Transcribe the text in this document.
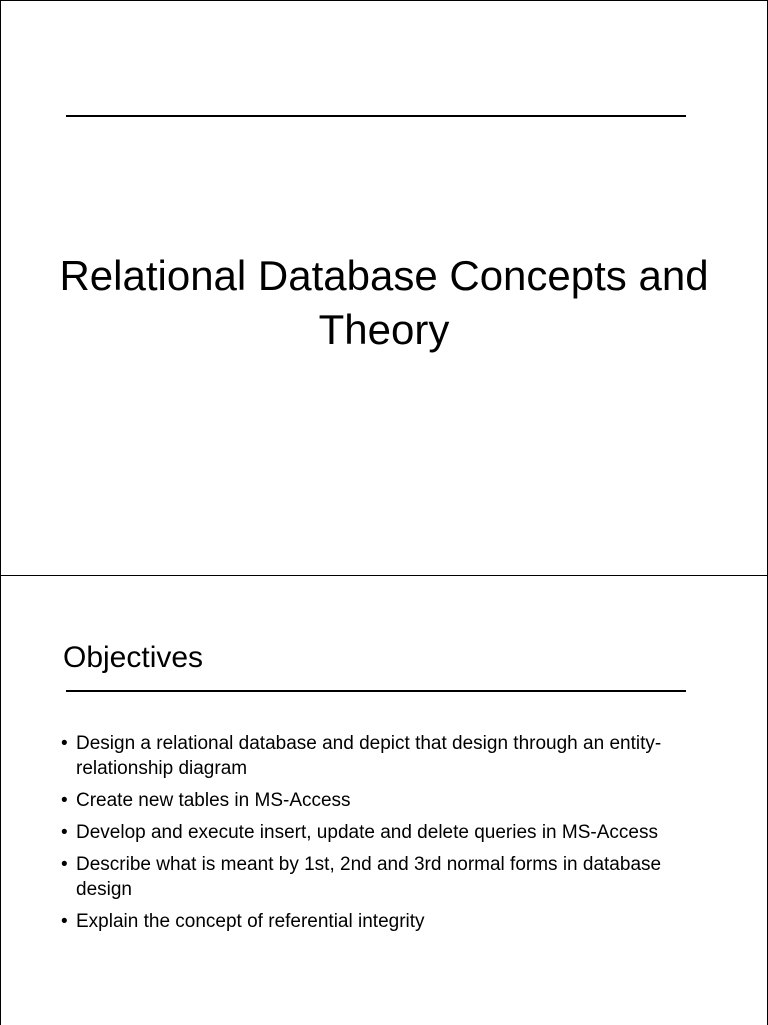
Relational Database Concepts and Theory
Objectives
• Design a relational database and depict that design through an entity-relationship diagram
• Create new tables in MS-Access
• Develop and execute insert, update and delete queries in MS-Access
• Describe what is meant by 1st, 2nd and 3rd normal forms in database design
• Explain the concept of referential integrity
